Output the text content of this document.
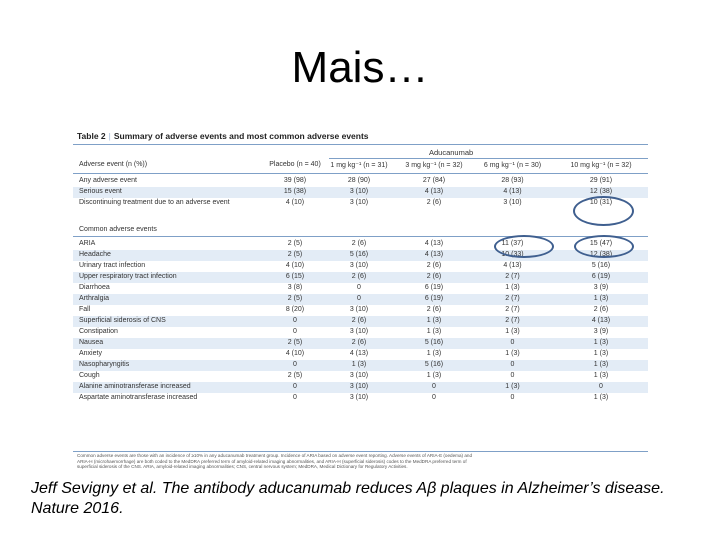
Mais…
Table 2 | Summary of adverse events and most common adverse events
Aducanumab
Adverse event (n (%))	Placebo (n = 40)	1 mg kg⁻¹ (n = 31)	3 mg kg⁻¹ (n = 32)	6 mg kg⁻¹ (n = 30)	10 mg kg⁻¹ (n = 32)
Any adverse event	39 (98)	28 (90)	27 (84)	28 (93)	29 (91)
Serious event	15 (38)	3 (10)	4 (13)	4 (13)	12 (38)
Discontinuing treatment due to an adverse event	4 (10)	3 (10)	2 (6)	3 (10)	10 (31)
Common adverse events
ARIA	2 (5)	2 (6)	4 (13)	11 (37)	15 (47)
Headache	2 (5)	5 (16)	4 (13)	10 (33)	12 (38)
Urinary tract infection	4 (10)	3 (10)	2 (6)	4 (13)	5 (16)
Upper respiratory tract infection	6 (15)	2 (6)	2 (6)	2 (7)	6 (19)
Diarrhoea	3 (8)	0	6 (19)	1 (3)	3 (9)
Arthralgia	2 (5)	0	6 (19)	2 (7)	1 (3)
Fall	8 (20)	3 (10)	2 (6)	2 (7)	2 (6)
Superficial siderosis of CNS	0	2 (6)	1 (3)	2 (7)	4 (13)
Constipation	0	3 (10)	1 (3)	1 (3)	3 (9)
Nausea	2 (5)	2 (6)	5 (16)	0	1 (3)
Anxiety	4 (10)	4 (13)	1 (3)	1 (3)	1 (3)
Nasopharyngitis	0	1 (3)	5 (16)	0	1 (3)
Cough	2 (5)	3 (10)	1 (3)	0	1 (3)
Alanine aminotransferase increased	0	3 (10)	0	1 (3)	0
Aspartate aminotransferase increased	0	3 (10)	0	0	1 (3)
Common adverse events are those with an incidence of ≥10% in any aducanumab treatment group. Incidence of ARIA based on adverse event reporting. Adverse events of ARIA-E (oedema) and
ARIA-H (microhaemorrhage) are both coded to the MedDRA preferred term of amyloid-related imaging abnormalities, and ARIA-H (superficial siderosis) codes to the MedDRA preferred term of
superficial siderosis of the CNS. ARIA, amyloid-related imaging abnormalities; CNS, central nervous system; MedDRA, Medical Dictionary for Regulatory Activities.
Jeff Sevigny et al. The antibody aducanumab reduces Aβ plaques in Alzheimer’s disease.
Nature 2016.
